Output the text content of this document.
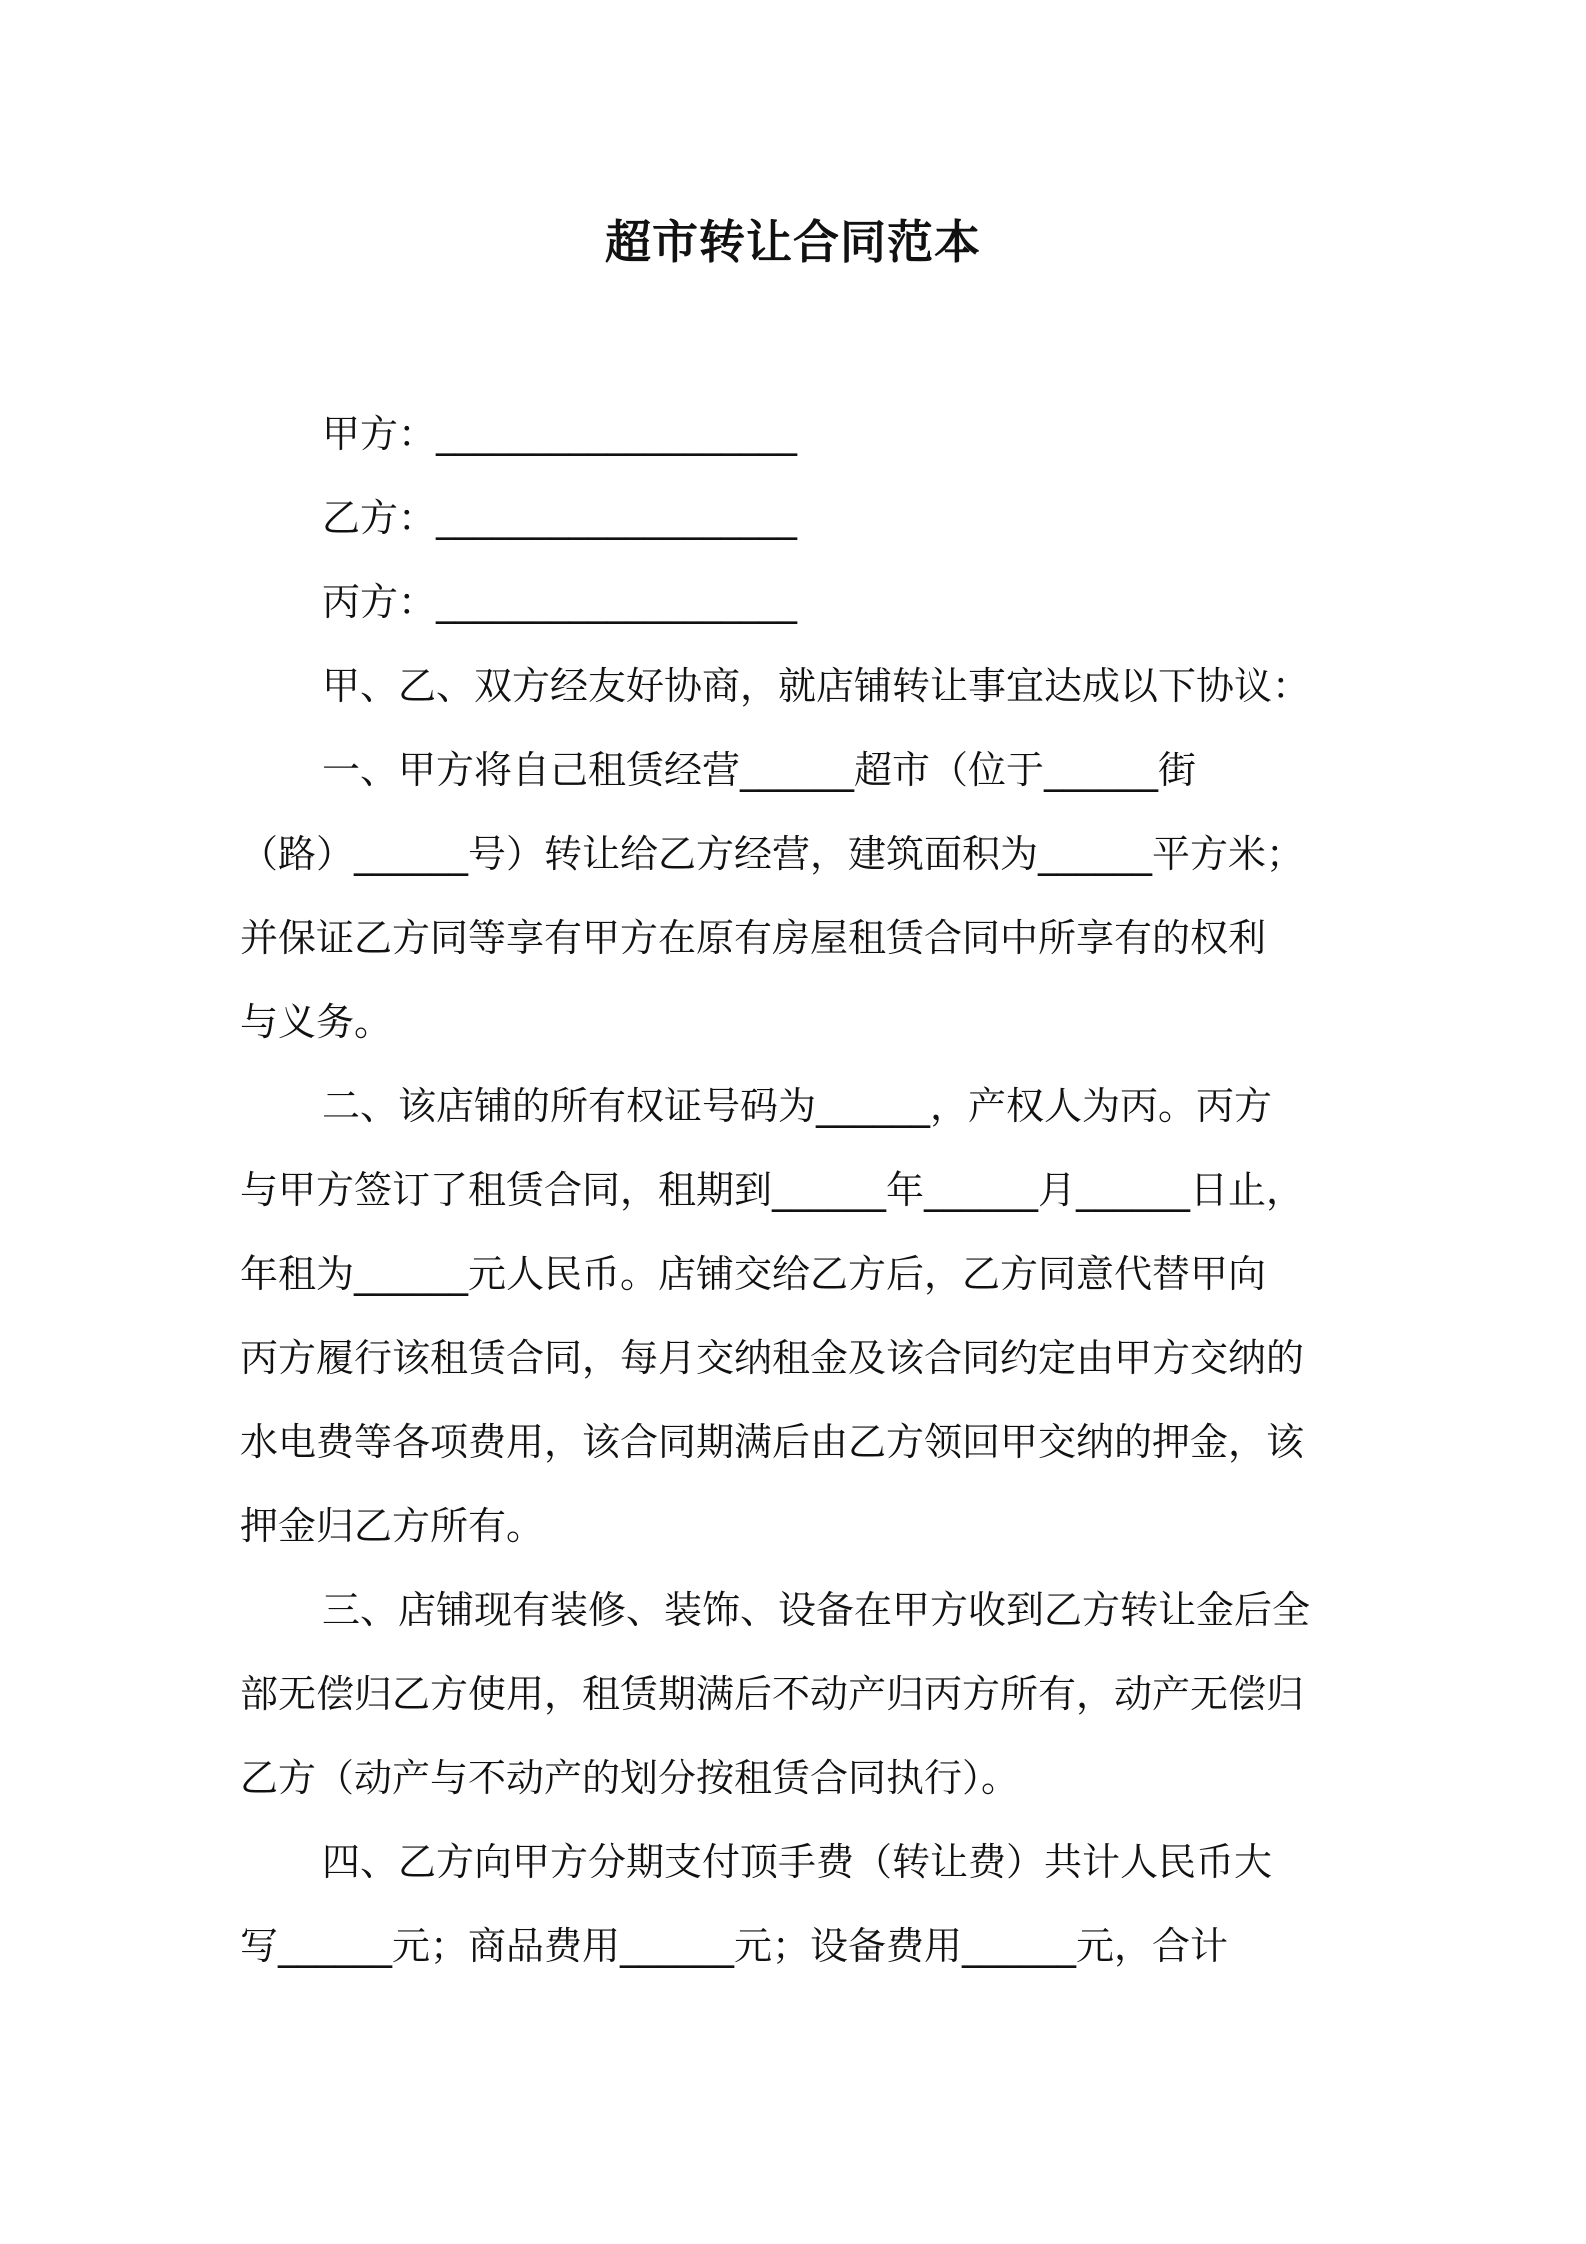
超市转让合同范本

甲方：___________________

乙方：___________________

丙方：___________________

甲、乙、双方经友好协商，就店铺转让事宜达成以下协议：

一、甲方将自己租赁经营______超市（位于______街

（路）______号）转让给乙方经营，建筑面积为______平方米；

并保证乙方同等享有甲方在原有房屋租赁合同中所享有的权利

与义务。

二、该店铺的所有权证号码为______，产权人为丙。丙方

与甲方签订了租赁合同，租期到______年______月______日止，

年租为______元人民币。店铺交给乙方后，乙方同意代替甲向

丙方履行该租赁合同，每月交纳租金及该合同约定由甲方交纳的

水电费等各项费用，该合同期满后由乙方领回甲交纳的押金，该

押金归乙方所有。

三、店铺现有装修、装饰、设备在甲方收到乙方转让金后全

部无偿归乙方使用，租赁期满后不动产归丙方所有，动产无偿归

乙方（动产与不动产的划分按租赁合同执行）。

四、乙方向甲方分期支付顶手费（转让费）共计人民币大

写______元；商品费用______元；设备费用______元，合计
